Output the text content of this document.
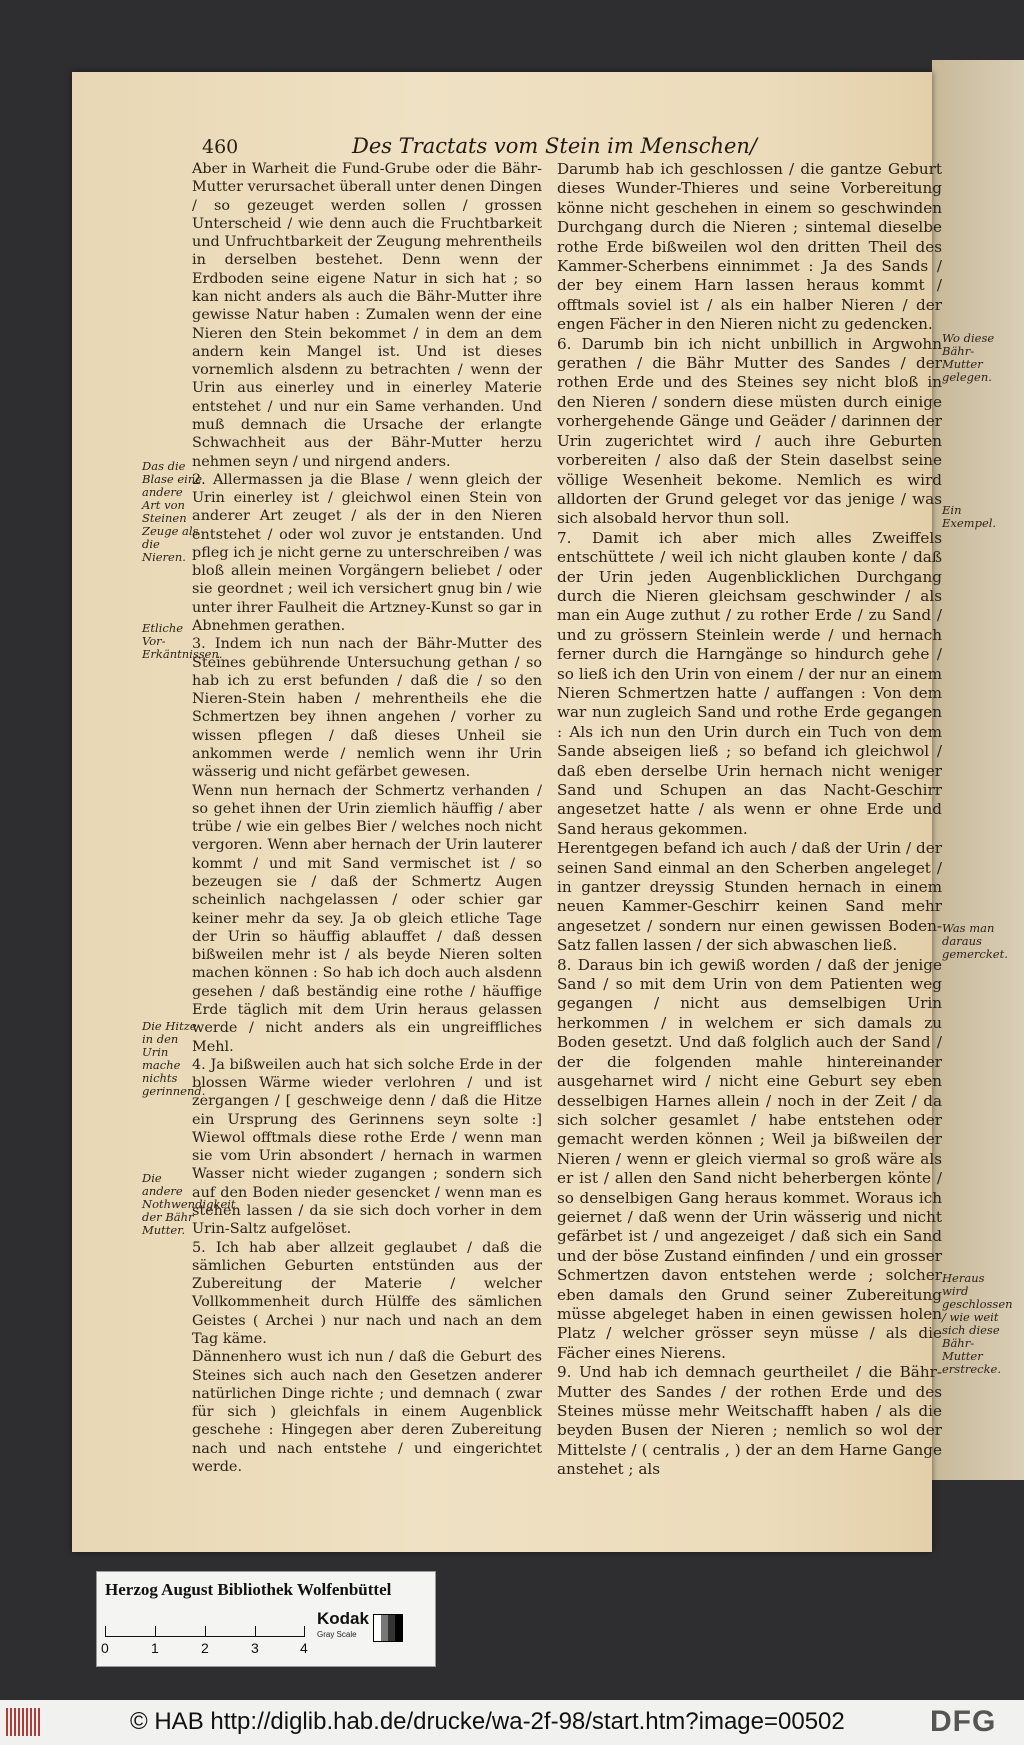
460	Des Tractats vom Stein im Menschen/

Aber in Warheit die Fund-Grube oder die Bähr-Mutter verursachet überall unter denen Dingen / so gezeuget werden sollen / grossen Unterscheid / wie denn auch die Fruchtbarkeit und Unfruchtbarkeit der Zeugung mehrentheils in derselben bestehet. Denn wenn der Erdboden seine eigene Natur in sich hat ; so kan nicht anders als auch die Bähr-Mutter ihre gewisse Natur haben : Zumalen wenn der eine Nieren den Stein bekommet / in dem an dem andern kein Mangel ist. Und ist dieses vornemlich alsdenn zu betrachten / wenn der Urin aus einerley und in einerley Materie entstehet / und nur ein Same verhanden. Und muß demnach die Ursache der erlangte Schwachheit aus der Bähr-Mutter herzu nehmen seyn / und nirgend anders.

2. Allermassen ja die Blase / wenn gleich der Urin einerley ist / gleichwol einen Stein von anderer Art zeuget / als der in den Nieren entstehet / oder wol zuvor je entstanden. Und pfleg ich je nicht gerne zu unterschreiben / was bloß allein meinen Vorgängern beliebet / oder sie geordnet ; weil ich versichert gnug bin / wie unter ihrer Faulheit die Artzney-Kunst so gar in Abnehmen gerathen.

3. Indem ich nun nach der Bähr-Mutter des Steines gebührende Untersuchung gethan / so hab ich zu erst befunden / daß die / so den Nieren-Stein haben / mehrentheils ehe die Schmertzen bey ihnen angehen / vorher zu wissen pflegen / daß dieses Unheil sie ankommen werde / nemlich wenn ihr Urin wässerig und nicht gefärbet gewesen.

Wenn nun hernach der Schmertz verhanden / so gehet ihnen der Urin ziemlich häuffig / aber trübe / wie ein gelbes Bier / welches noch nicht vergoren. Wenn aber hernach der Urin lauterer kommt / und mit Sand vermischet ist / so bezeugen sie / daß der Schmertz Augen scheinlich nachgelassen / oder schier gar keiner mehr da sey. Ja ob gleich etliche Tage der Urin so häuffig ablauffet / daß dessen bißweilen mehr ist / als beyde Nieren solten machen können : So hab ich doch auch alsdenn gesehen / daß beständig eine rothe / häuffige Erde täglich mit dem Urin heraus gelassen werde / nicht anders als ein ungreiffliches Mehl.

4. Ja bißweilen auch hat sich solche Erde in der blossen Wärme wieder verlohren / und ist zergangen / [ geschweige denn / daß die Hitze ein Ursprung des Gerinnens seyn solte :] Wiewol offtmals diese rothe Erde / wenn man sie vom Urin absondert / hernach in warmen Wasser nicht wieder zugangen ; sondern sich auf den Boden nieder gesencket / wenn man es stehen lassen / da sie sich doch vorher in dem Urin-Saltz aufgelöset.

5. Ich hab aber allzeit geglaubet / daß die sämlichen Geburten entstünden aus der Zubereitung der Materie / welcher Vollkommenheit durch Hülffe des sämlichen Geistes ( Archei ) nur nach und nach an dem Tag käme.

Dännenhero wust ich nun / daß die Geburt des Steines sich auch nach den Gesetzen anderer natürlichen Dinge richte ; und demnach ( zwar für sich ) gleichfals in einem Augenblick geschehe : Hingegen aber deren Zubereitung nach und nach entstehe / und eingerichtet werde.

Darumb hab ich geschlossen / die gantze Geburt dieses Wunder-Thieres und seine Vorbereitung könne nicht geschehen in einem so geschwinden Durchgang durch die Nieren ; sintemal dieselbe rothe Erde bißweilen wol den dritten Theil des Kammer-Scherbens einnimmet : Ja des Sands / der bey einem Harn lassen heraus kommt / offtmals soviel ist / als ein halber Nieren / der engen Fächer in den Nieren nicht zu gedencken.

6. Darumb bin ich nicht unbillich in Argwohn gerathen / die Bähr Mutter des Sandes / der rothen Erde und des Steines sey nicht bloß in den Nieren / sondern diese müsten durch einige vorhergehende Gänge und Geäder / darinnen der Urin zugerichtet wird / auch ihre Geburten vorbereiten / also daß der Stein daselbst seine völlige Wesenheit bekome. Nemlich es wird alldorten der Grund geleget vor das jenige / was sich alsobald hervor thun soll.

7. Damit ich aber mich alles Zweiffels entschüttete / weil ich nicht glauben konte / daß der Urin jeden Augenblicklichen Durchgang durch die Nieren gleichsam geschwinder / als man ein Auge zuthut / zu rother Erde / zu Sand / und zu grössern Steinlein werde / und hernach ferner durch die Harngänge so hindurch gehe / so ließ ich den Urin von einem / der nur an einem Nieren Schmertzen hatte / auffangen : Von dem war nun zugleich Sand und rothe Erde gegangen : Als ich nun den Urin durch ein Tuch von dem Sande abseigen ließ ; so befand ich gleichwol / daß eben derselbe Urin hernach nicht weniger Sand und Schupen an das Nacht-Geschirr angesetzet hatte / als wenn er ohne Erde und Sand heraus gekommen.

Herentgegen befand ich auch / daß der Urin / der seinen Sand einmal an den Scherben angeleget / in gantzer dreyssig Stunden hernach in einem neuen Kammer-Geschirr keinen Sand mehr angesetzet / sondern nur einen gewissen Boden-Satz fallen lassen / der sich abwaschen ließ.

8. Daraus bin ich gewiß worden / daß der jenige Sand / so mit dem Urin von dem Patienten weg gegangen / nicht aus demselbigen Urin herkommen / in welchem er sich damals zu Boden gesetzt. Und daß folglich auch der Sand / der die folgenden mahle hintereinander ausgeharnet wird / nicht eine Geburt sey eben desselbigen Harnes allein / noch in der Zeit / da sich solcher gesamlet / habe entstehen oder gemacht werden können ; Weil ja bißweilen der Nieren / wenn er gleich viermal so groß wäre als er ist / allen den Sand nicht beherbergen könte / so denselbigen Gang heraus kommet. Woraus ich geiernet / daß wenn der Urin wässerig und nicht gefärbet ist / und angezeiget / daß sich ein Sand und der böse Zustand einfinden / und ein grosser Schmertzen davon entstehen werde ; solcher eben damals den Grund seiner Zubereitung müsse abgeleget haben in einen gewissen holen Platz / welcher grösser seyn müsse / als die Fächer eines Nierens.

9. Und hab ich demnach geurtheilet / die Bähr-Mutter des Sandes / der rothen Erde und des Steines müsse mehr Weitschafft haben / als die beyden Busen der Nieren ; nemlich so wol der Mittelste / ( centralis , ) der an dem Harne Gange anstehet ; als

Das die Blase eine andere Art von Steinen Zeuge als die Nieren.
Etliche Vor-Erkäntnissen.
Die Hitze in den Urin mache nichts gerinnend.
Die andere Nothwendigkeit der Bähr Mutter.
Wo diese Bähr-Mutter gelegen.
Ein Exempel.
Was man daraus gemercket.
Heraus wird geschlossen / wie weit sich diese Bähr-Mutter erstrecke.
Herzog August Bibliothek Wolfenbüttel
0	1	2	3	4
Kodak
Gray Scale
© HAB http://diglib.hab.de/drucke/wa-2f-98/start.htm?image=00502	DFG
